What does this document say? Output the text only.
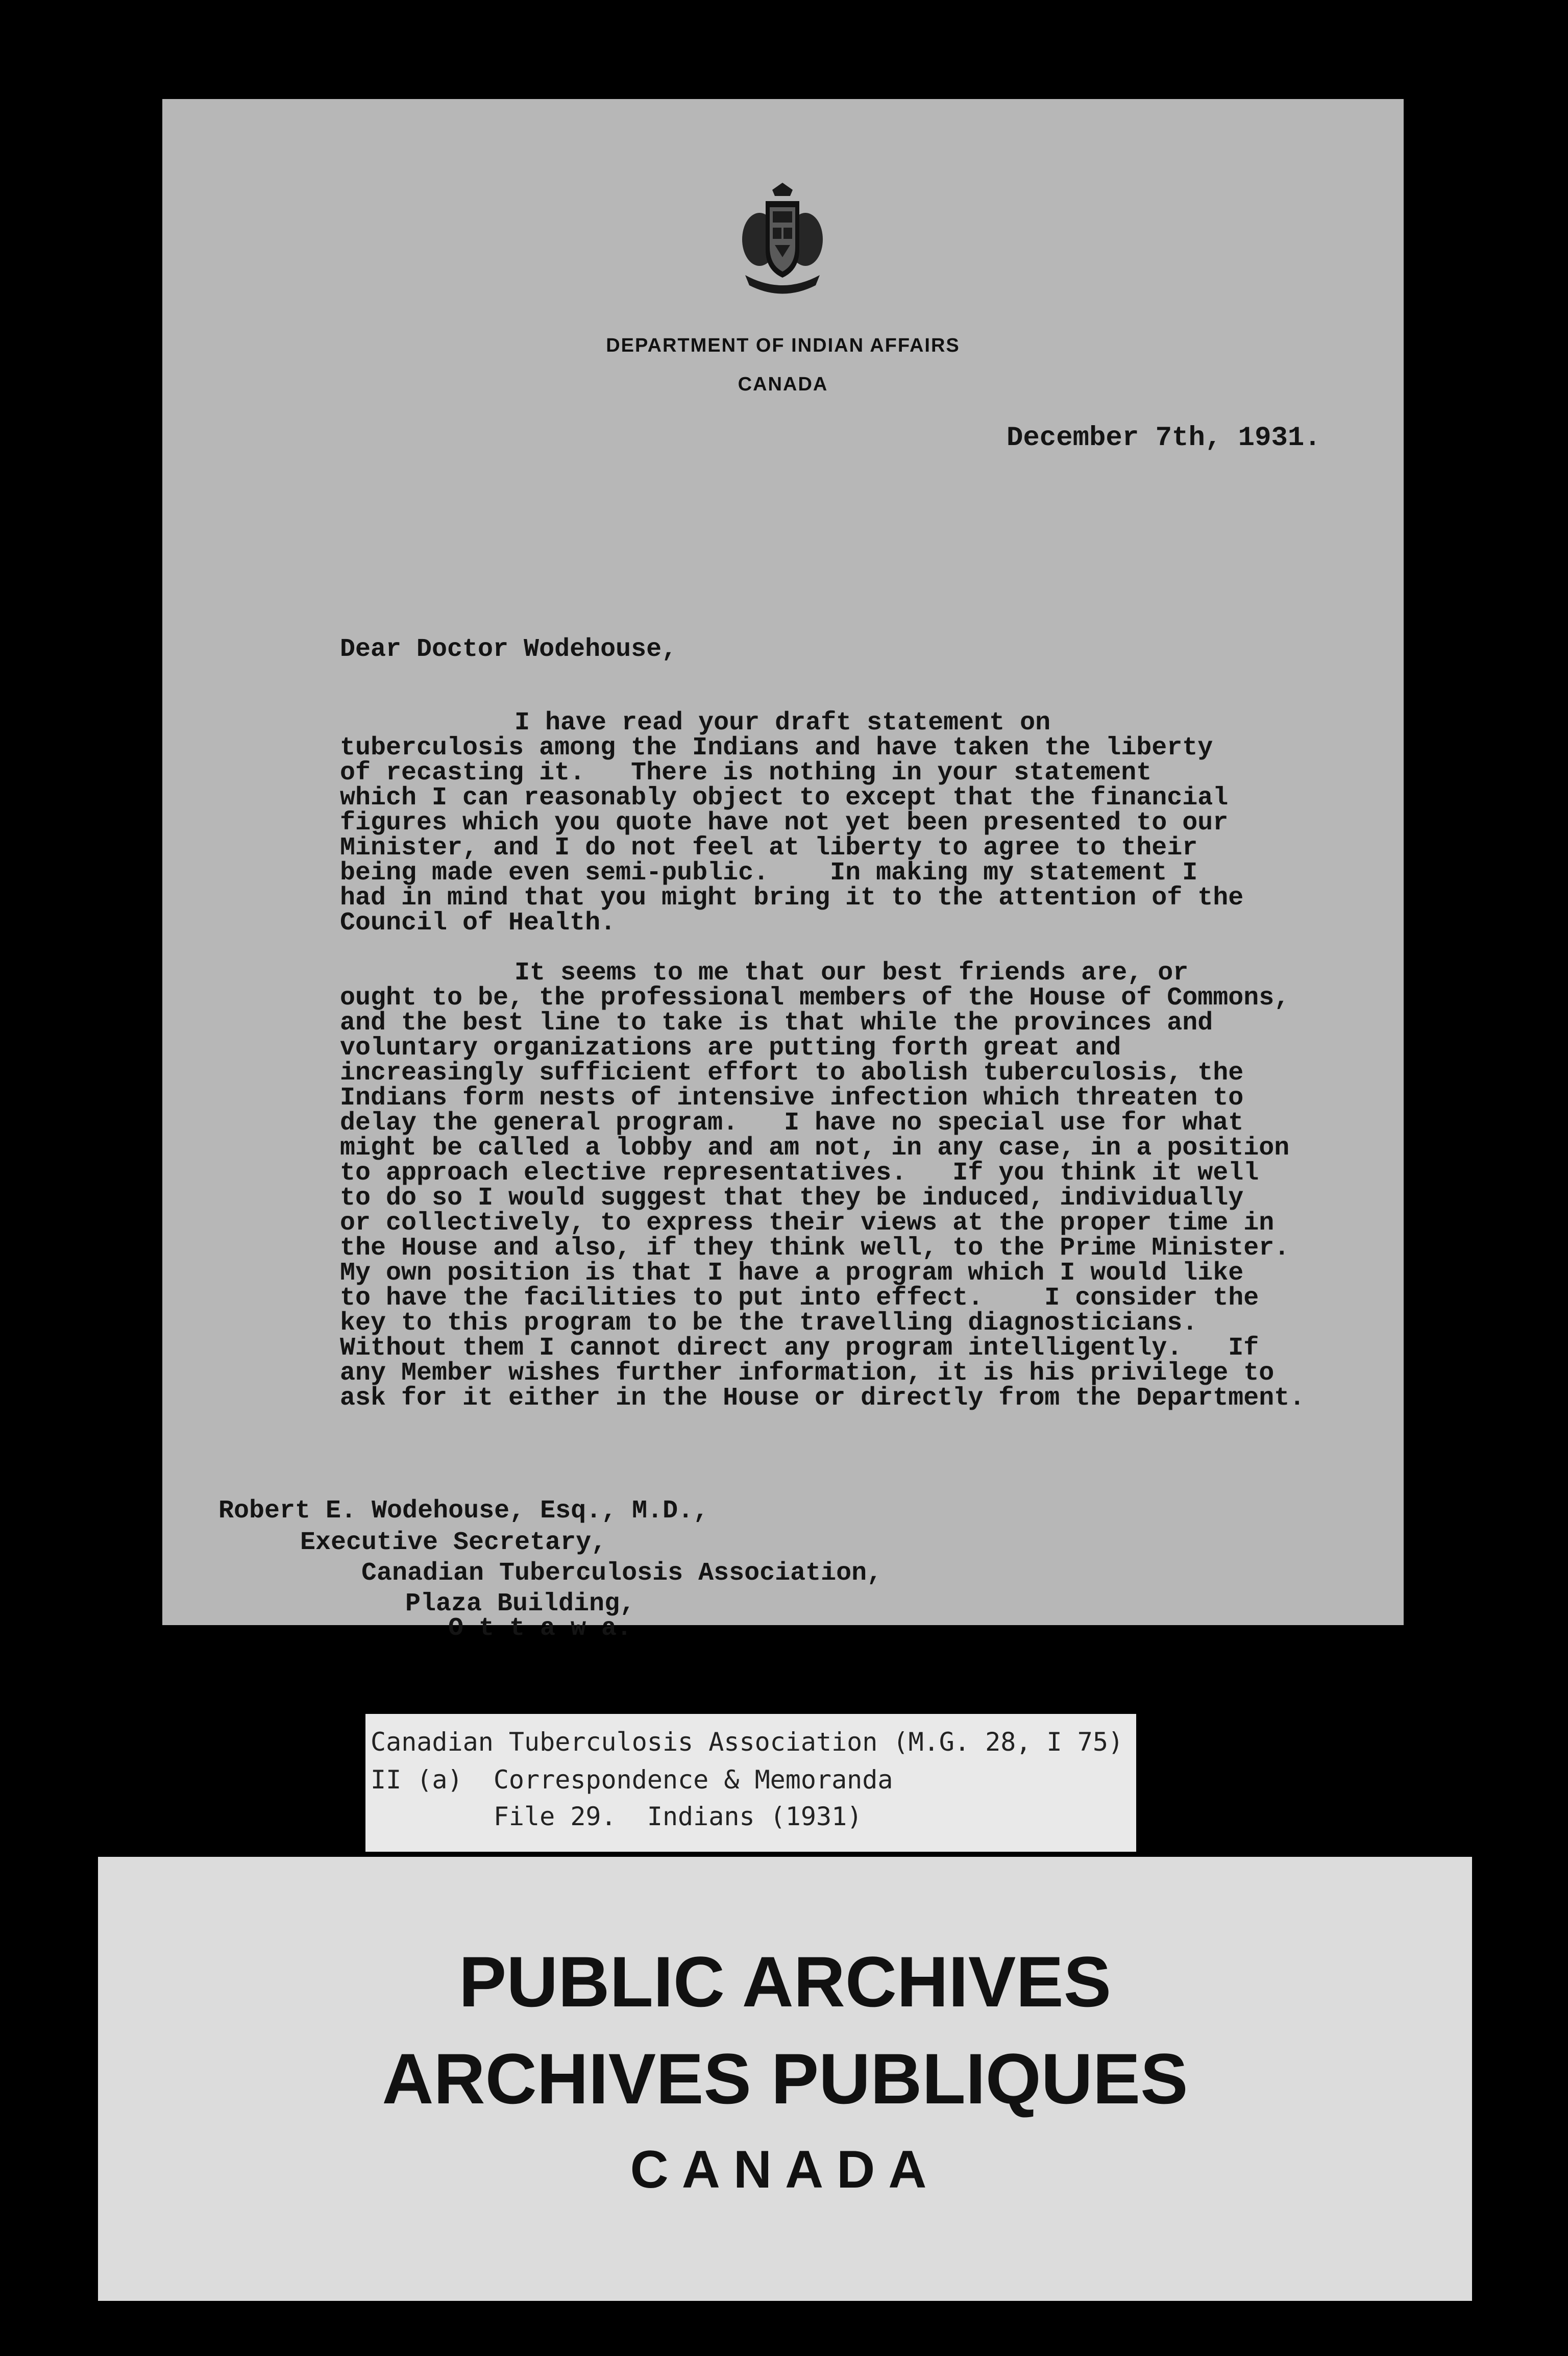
DEPARTMENT OF INDIAN AFFAIRS
CANADA
December 7th, 1931.
Dear Doctor Wodehouse,
I have read your draft statement on
tuberculosis among the Indians and have taken the liberty
of recasting it.   There is nothing in your statement
which I can reasonably object to except that the financial
figures which you quote have not yet been presented to our
Minister, and I do not feel at liberty to agree to their
being made even semi-public.    In making my statement I
had in mind that you might bring it to the attention of the
Council of Health.
It seems to me that our best friends are, or
ought to be, the professional members of the House of Commons,
and the best line to take is that while the provinces and
voluntary organizations are putting forth great and
increasingly sufficient effort to abolish tuberculosis, the
Indians form nests of intensive infection which threaten to
delay the general program.   I have no special use for what
might be called a lobby and am not, in any case, in a position
to approach elective representatives.   If you think it well
to do so I would suggest that they be induced, individually
or collectively, to express their views at the proper time in
the House and also, if they think well, to the Prime Minister.
My own position is that I have a program which I would like
to have the facilities to put into effect.    I consider the
key to this program to be the travelling diagnosticians.
Without them I cannot direct any program intelligently.   If
any Member wishes further information, it is his privilege to
ask for it either in the House or directly from the Department.
Robert E. Wodehouse, Esq., M.D.,
Executive Secretary,
Canadian Tuberculosis Association,
Plaza Building,
O t t a w a.
Canadian Tuberculosis Association (M.G. 28, I 75)
II (a)  Correspondence & Memoranda
File 29.  Indians (1931)
PUBLIC ARCHIVES
ARCHIVES PUBLIQUES
CANADA
